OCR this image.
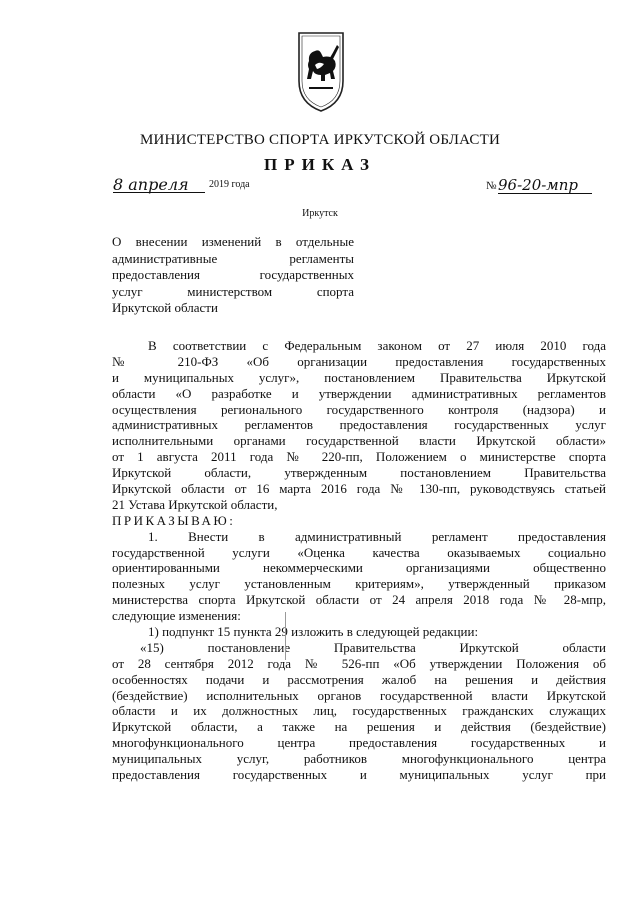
МИНИСТЕРСТВО СПОРТА ИРКУТСКОЙ ОБЛАСТИ
ПРИКАЗ
8 апреля 2019 года	№ 96-20-мпр
Иркутск
О внесении изменений в отдельные
административные регламенты
предоставления государственных
услуг министерством спорта
Иркутской области
В соответствии с Федеральным законом от 27 июля 2010 года
№ 210-ФЗ «Об организации предоставления государственных
и муниципальных услуг», постановлением Правительства Иркутской
области «О разработке и утверждении административных регламентов
осуществления регионального государственного контроля (надзора) и
административных регламентов предоставления государственных услуг
исполнительными органами государственной власти Иркутской области»
от 1 августа 2011 года № 220-пп, Положением о министерстве спорта
Иркутской области, утвержденным постановлением Правительства
Иркутской области от 16 марта 2016 года № 130-пп, руководствуясь статьей
21 Устава Иркутской области,
ПРИКАЗЫВАЮ:
1. Внести в административный регламент предоставления
государственной услуги «Оценка качества оказываемых социально
ориентированными некоммерческими организациями общественно
полезных услуг установленным критериям», утвержденный приказом
министерства спорта Иркутской области от 24 апреля 2018 года № 28-мпр,
следующие изменения:
1) подпункт 15 пункта 29 изложить в следующей редакции:
«15) постановление Правительства Иркутской области
от 28 сентября 2012 года № 526-пп «Об утверждении Положения об
особенностях подачи и рассмотрения жалоб на решения и действия
(бездействие) исполнительных органов государственной власти Иркутской
области и их должностных лиц, государственных гражданских служащих
Иркутской области, а также на решения и действия (бездействие)
многофункционального центра предоставления государственных и
муниципальных услуг, работников многофункционального центра
предоставления государственных и муниципальных услуг при
